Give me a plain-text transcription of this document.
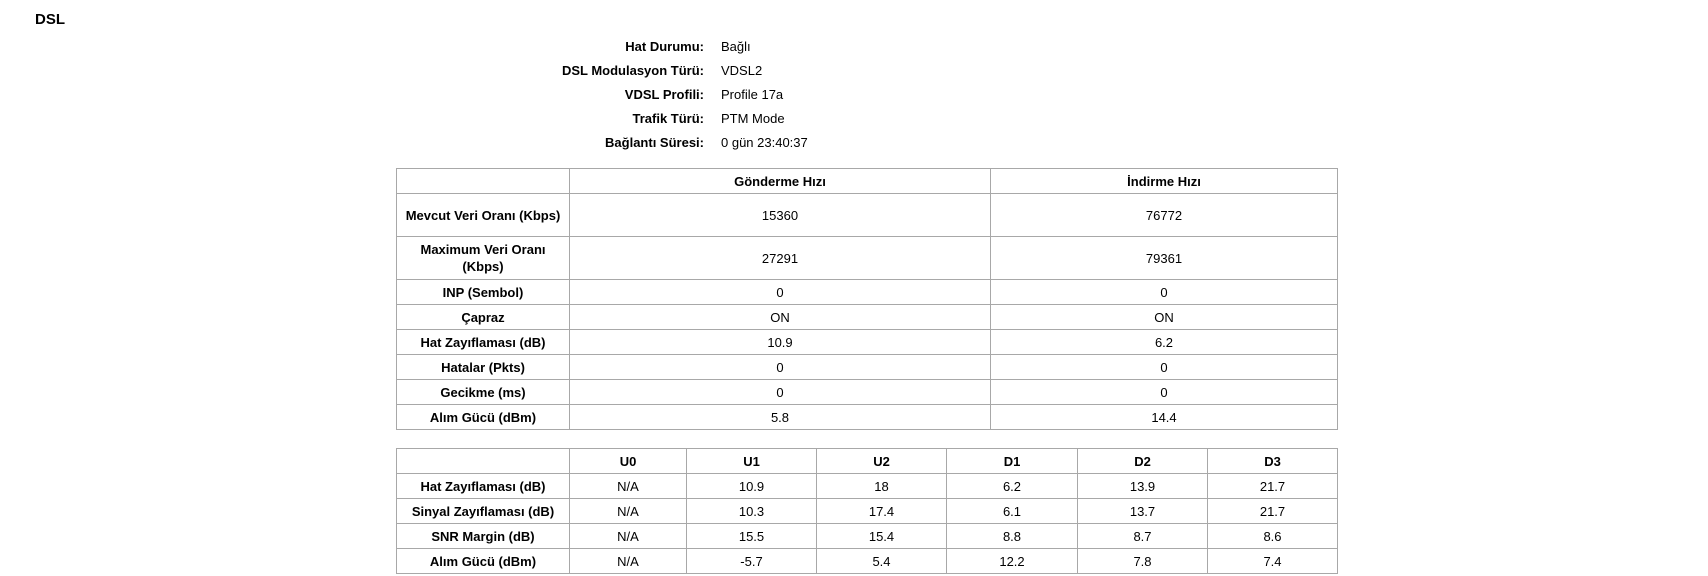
DSL
Hat Durumu:	Bağlı
DSL Modulasyon Türü:	VDSL2
VDSL Profili:	Profile 17a
Trafik Türü:	PTM Mode
Bağlantı Süresi:	0 gün 23:40:37
	Gönderme Hızı	İndirme Hızı
Mevcut Veri Oranı (Kbps)	15360	76772
Maximum Veri Oranı (Kbps)	27291	79361
INP (Sembol)	0	0
Çapraz	ON	ON
Hat Zayıflaması (dB)	10.9	6.2
Hatalar (Pkts)	0	0
Gecikme (ms)	0	0
Alım Gücü (dBm)	5.8	14.4
	U0	U1	U2	D1	D2	D3
Hat Zayıflaması (dB)	N/A	10.9	18	6.2	13.9	21.7
Sinyal Zayıflaması (dB)	N/A	10.3	17.4	6.1	13.7	21.7
SNR Margin (dB)	N/A	15.5	15.4	8.8	8.7	8.6
Alım Gücü (dBm)	N/A	-5.7	5.4	12.2	7.8	7.4
